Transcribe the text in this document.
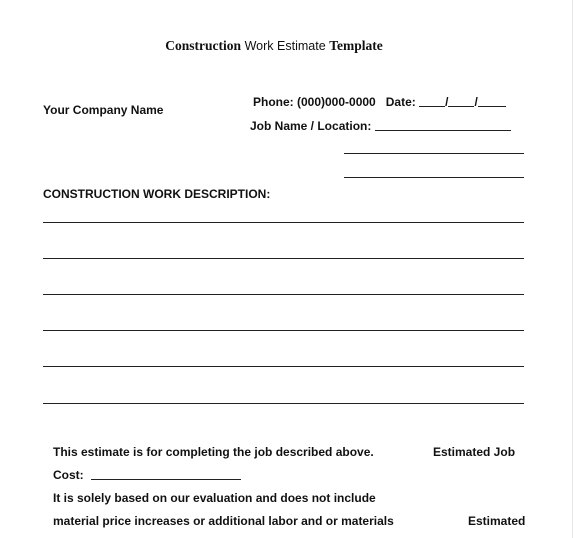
Construction Work Estimate Template
Your Company Name
Phone: (000)000-0000 Date: / /
Job Name / Location:
CONSTRUCTION WORK DESCRIPTION:
This estimate is for completing the job described above.	Estimated Job
Cost:
It is solely based on our evaluation and does not include
material price increases or additional labor and or materials	Estimated
